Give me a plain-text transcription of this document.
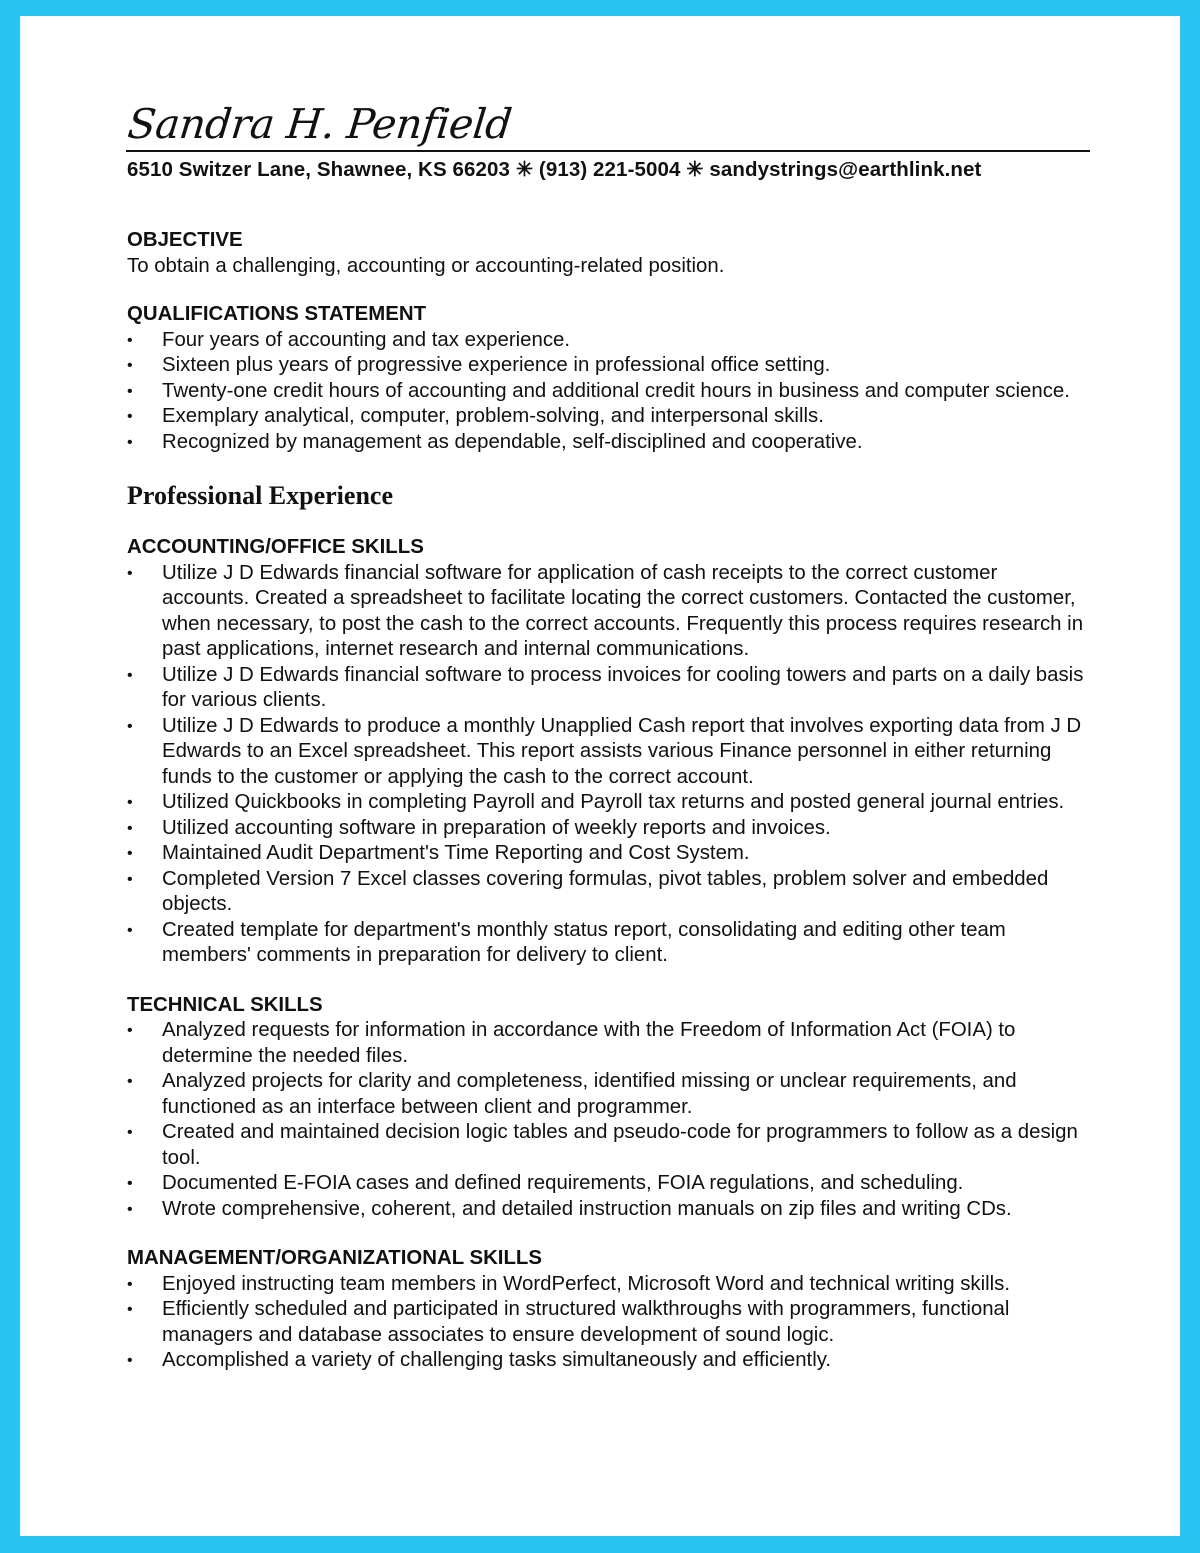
Sandra H. Penfield
6510 Switzer Lane, Shawnee, KS 66203 ✳ (913) 221-5004 ✳ sandystrings@earthlink.net
OBJECTIVE
To obtain a challenging, accounting or accounting-related position.
QUALIFICATIONS STATEMENT
• Four years of accounting and tax experience.
• Sixteen plus years of progressive experience in professional office setting.
• Twenty-one credit hours of accounting and additional credit hours in business and computer science.
• Exemplary analytical, computer, problem-solving, and interpersonal skills.
• Recognized by management as dependable, self-disciplined and cooperative.
Professional Experience
ACCOUNTING/OFFICE SKILLS
• Utilize J D Edwards financial software for application of cash receipts to the correct customer accounts. Created a spreadsheet to facilitate locating the correct customers. Contacted the customer, when necessary, to post the cash to the correct accounts. Frequently this process requires research in past applications, internet research and internal communications.
• Utilize J D Edwards financial software to process invoices for cooling towers and parts on a daily basis for various clients.
• Utilize J D Edwards to produce a monthly Unapplied Cash report that involves exporting data from J D Edwards to an Excel spreadsheet. This report assists various Finance personnel in either returning funds to the customer or applying the cash to the correct account.
• Utilized Quickbooks in completing Payroll and Payroll tax returns and posted general journal entries.
• Utilized accounting software in preparation of weekly reports and invoices.
• Maintained Audit Department's Time Reporting and Cost System.
• Completed Version 7 Excel classes covering formulas, pivot tables, problem solver and embedded objects.
• Created template for department's monthly status report, consolidating and editing other team members' comments in preparation for delivery to client.
TECHNICAL SKILLS
• Analyzed requests for information in accordance with the Freedom of Information Act (FOIA) to determine the needed files.
• Analyzed projects for clarity and completeness, identified missing or unclear requirements, and functioned as an interface between client and programmer.
• Created and maintained decision logic tables and pseudo-code for programmers to follow as a design tool.
• Documented E-FOIA cases and defined requirements, FOIA regulations, and scheduling.
• Wrote comprehensive, coherent, and detailed instruction manuals on zip files and writing CDs.
MANAGEMENT/ORGANIZATIONAL SKILLS
• Enjoyed instructing team members in WordPerfect, Microsoft Word and technical writing skills.
• Efficiently scheduled and participated in structured walkthroughs with programmers, functional managers and database associates to ensure development of sound logic.
• Accomplished a variety of challenging tasks simultaneously and efficiently.
